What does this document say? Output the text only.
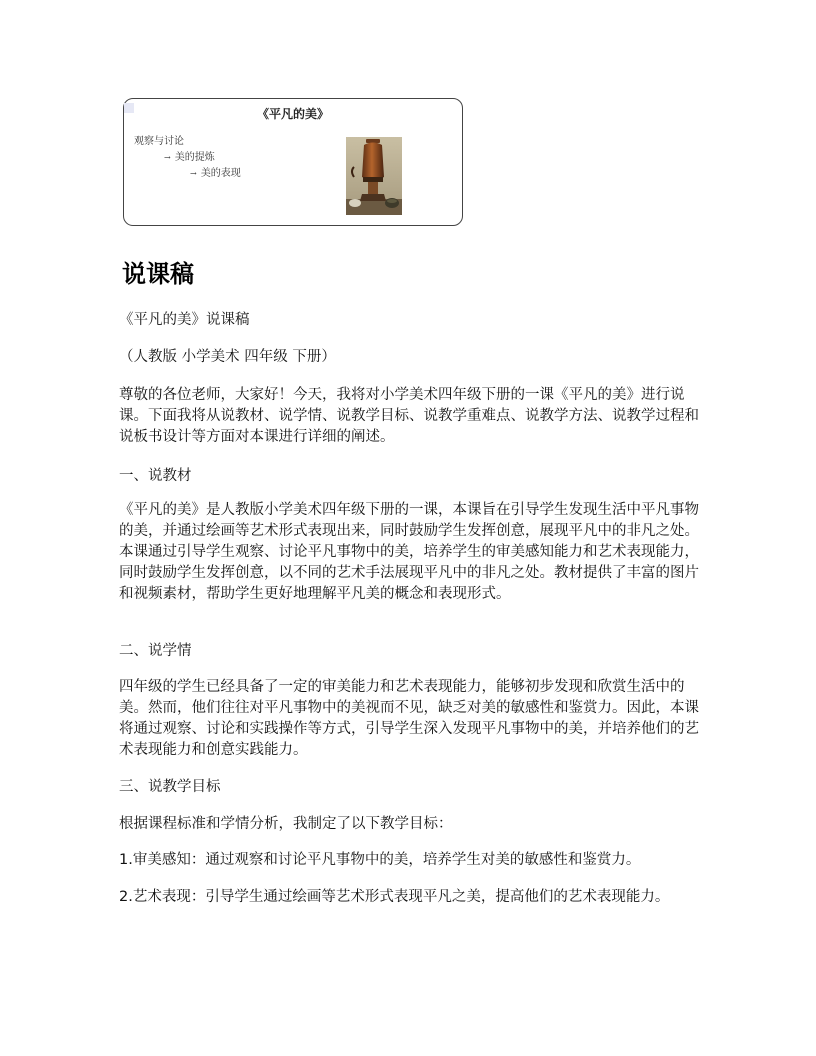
《平凡的美》
观察与讨论
→ 美的提炼
→ 美的表现
说课稿
《平凡的美》说课稿
（人教版 小学美术 四年级 下册）
尊敬的各位老师，大家好！今天，我将对小学美术四年级下册的一课《平凡的美》进行说课。下面我将从说教材、说学情、说教学目标、说教学重难点、说教学方法、说教学过程和说板书设计等方面对本课进行详细的阐述。
一、说教材
《平凡的美》是人教版小学美术四年级下册的一课，本课旨在引导学生发现生活中平凡事物的美，并通过绘画等艺术形式表现出来，同时鼓励学生发挥创意，展现平凡中的非凡之处。本课通过引导学生观察、讨论平凡事物中的美，培养学生的审美感知能力和艺术表现能力，同时鼓励学生发挥创意，以不同的艺术手法展现平凡中的非凡之处。教材提供了丰富的图片和视频素材，帮助学生更好地理解平凡美的概念和表现形式。
二、说学情
四年级的学生已经具备了一定的审美能力和艺术表现能力，能够初步发现和欣赏生活中的美。然而，他们往往对平凡事物中的美视而不见，缺乏对美的敏感性和鉴赏力。因此，本课将通过观察、讨论和实践操作等方式，引导学生深入发现平凡事物中的美，并培养他们的艺术表现能力和创意实践能力。
三、说教学目标
根据课程标准和学情分析，我制定了以下教学目标：
1.审美感知：通过观察和讨论平凡事物中的美，培养学生对美的敏感性和鉴赏力。
2.艺术表现：引导学生通过绘画等艺术形式表现平凡之美，提高他们的艺术表现能力。
